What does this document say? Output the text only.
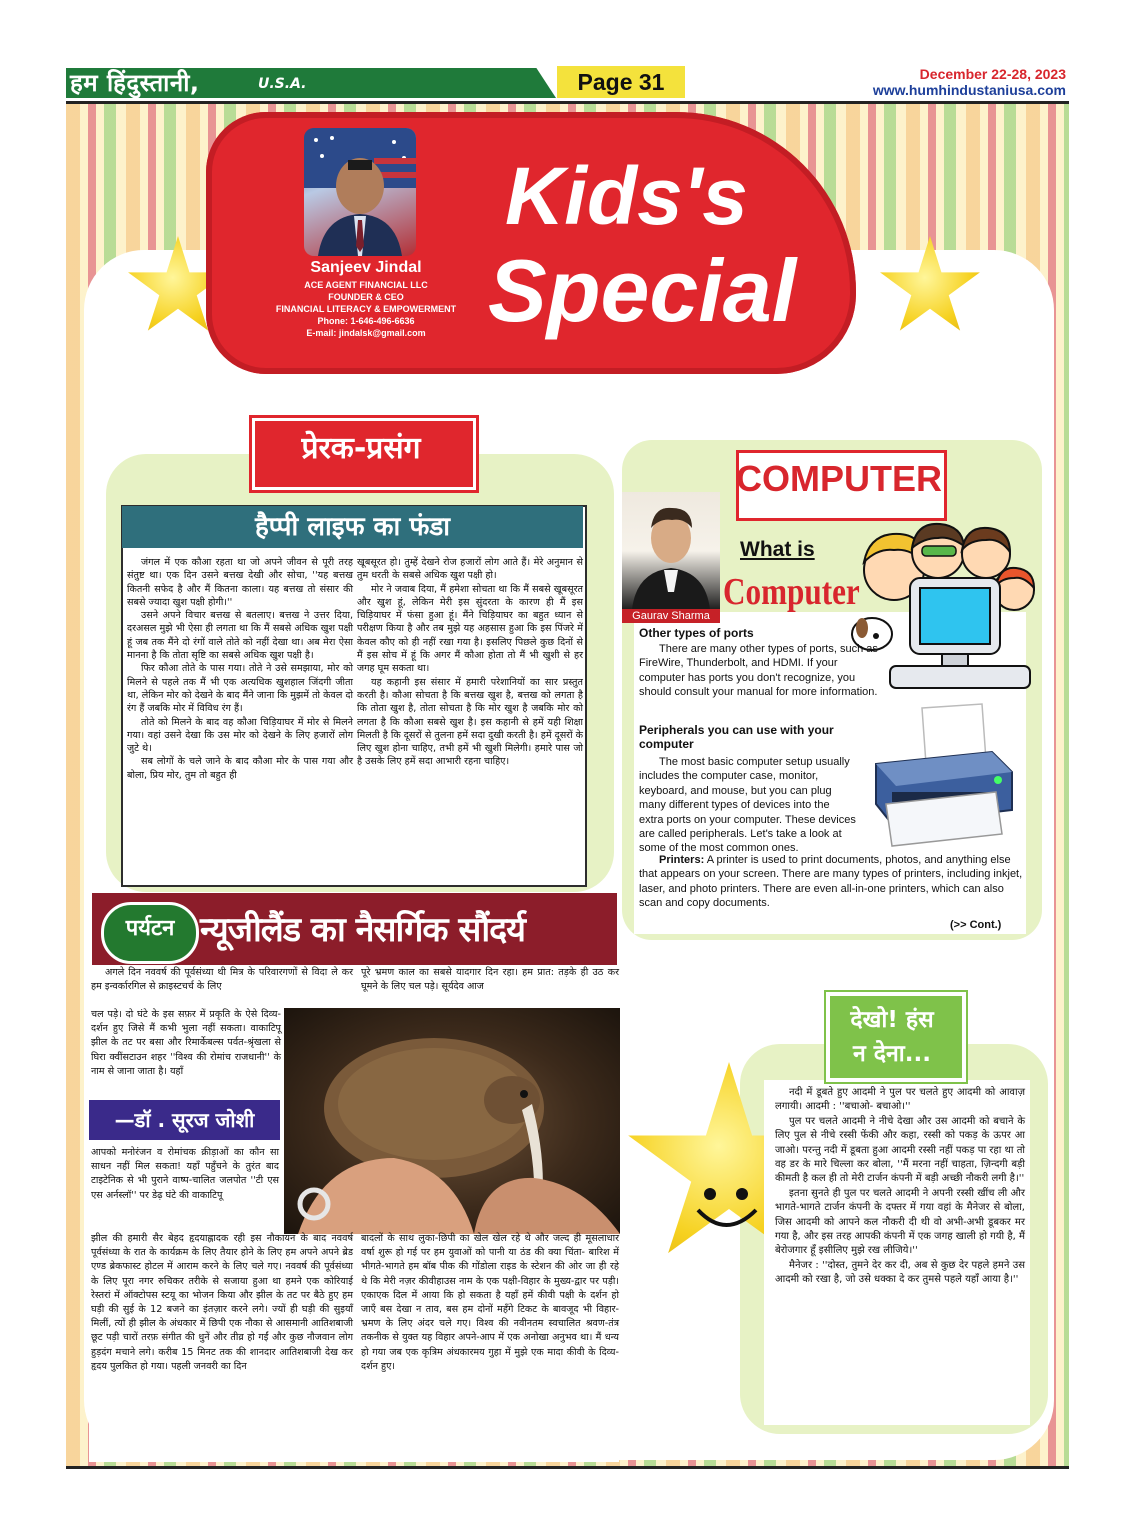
हम हिंदुस्तानी,	U.S.A.	Page 31	December 22-28, 2023
www.humhindustaniusa.com
Sanjeev Jindal
ACE AGENT FINANCIAL LLC
FOUNDER & CEO
FINANCIAL LITERACY & EMPOWERMENT
Phone: 1-646-496-6636
E-mail: jindalsk@gmail.com
Kids's
Special
प्रेरक-प्रसंग
हैप्पी लाइफ का फंडा

जंगल में एक कौआ रहता था जो अपने जीवन से पूरी तरह संतुष्ट था। एक दिन उसने बत्तख देखी और सोचा, ''यह बत्तख कितनी सफेद है और मैं कितना काला। यह बत्तख तो संसार की सबसे ज्यादा खुश पक्षी होगी।''

उसने अपने विचार बत्तख से बतलाए। बत्तख ने उत्तर दिया, दरअसल मुझे भी ऐसा ही लगता था कि मैं सबसे अधिक खुश पक्षी हूं जब तक मैंने दो रंगों वाले तोते को नहीं देखा था। अब मेरा ऐसा मानना है कि तोता सृष्टि का सबसे अधिक खुश पक्षी है।

फिर कौआ तोते के पास गया। तोते ने उसे समझाया, मोर को मिलने से पहले तक मैं भी एक अत्यधिक खुशहाल जिंदगी जीता था, लेकिन मोर को देखने के बाद मैंने जाना कि मुझमें तो केवल दो रंग हैं जबकि मोर में विविध रंग हैं।

तोते को मिलने के बाद वह कौआ चिड़ियाघर में मोर से मिलने गया। वहां उसने देखा कि उस मोर को देखने के लिए हजारों लोग जुटे थे।

सब लोगों के चले जाने के बाद कौआ मोर के पास गया और बोला, प्रिय मोर, तुम तो बहुत ही

खूबसूरत हो। तुम्हें देखने रोज हजारों लोग आते हैं। मेरे अनुमान से तुम धरती के सबसे अधिक खुश पक्षी हो।

मोर ने जवाब दिया, मैं हमेशा सोचता था कि मैं सबसे खूबसूरत और खुश हूं, लेकिन मेरी इस सुंदरता के कारण ही मैं इस चिड़ियाघर में फंसा हुआ हूं। मैंने चिड़ियाघर का बहुत ध्यान से परीक्षण किया है और तब मुझे यह अहसास हुआ कि इस पिंजरे में केवल कौए को ही नहीं रखा गया है। इसलिए पिछले कुछ दिनों से मैं इस सोच में हूं कि अगर मैं कौआ होता तो मैं भी खुशी से हर जगह घूम सकता था।

यह कहानी इस संसार में हमारी परेशानियों का सार प्रस्तुत करती है। कौआ सोचता है कि बत्तख खुश है, बत्तख को लगता है कि तोता खुश है, तोता सोचता है कि मोर खुश है जबकि मोर को लगता है कि कौआ सबसे खुश है। इस कहानी से हमें यही शिक्षा मिलती है कि दूसरों से तुलना हमें सदा दुखी करती है। हमें दूसरों के लिए खुश होना चाहिए, तभी हमें भी खुशी मिलेगी। हमारे पास जो है उसके लिए हमें सदा आभारी रहना चाहिए।

COMPUTER
Gaurav Sharma
What is
Computer
Other types of ports
There are many other types of ports, such as FireWire, Thunderbolt, and HDMI. If your computer has ports you don't recognize, you should consult your manual for more information.
Peripherals you can use with your computer
The most basic computer setup usually includes the computer case, monitor, keyboard, and mouse, but you can plug many different types of devices into the extra ports on your computer. These devices are called peripherals. Let's take a look at some of the most common ones.
Printers: A printer is used to print documents, photos, and anything else that appears on your screen. There are many types of printers, including inkjet, laser, and photo printers. There are even all-in-one printers, which can also scan and copy documents.
(>> Cont.)
पर्यटन न्यूजीलैंड का नैसर्गिक सौंदर्य
अगले दिन नववर्ष की पूर्वसंध्या थी मित्र के परिवारगणों से विदा ले कर हम इन्वर्कारगिल से क्राइस्टचर्च के लिए
पूरे भ्रमण काल का सबसे यादगार दिन रहा। हम प्रात: तड़के ही उठ कर घूमने के लिए चल पड़े। सूर्यदेव आज
चल पड़े। दो घंटे के इस सफ़र में प्रकृति के ऐसे दिव्य-दर्शन हुए जिसे मैं कभी भुला नहीं सकता। वाकाटिपू झील के तट पर बसा और रिमार्केबल्स पर्वत-श्रृंखला से घिरा क्वींसटाउन शहर ''विश्व की रोमांच राजधानी'' के नाम से जाना जाता है। यहाँ
—डॉ . सूरज जोशी
आपको मनोरंजन व रोमांचक क्रीड़ाओं का कौन सा साधन नहीं मिल सकता! यहाँ पहुँचने के तुरंत बाद टाइटेनिक से भी पुराने वाष्प-चालित जलपोत ''टी एस एस अर्नस्लॉ'' पर डेढ़ घंटे की वाकाटिपू
झील की हमारी सैर बेहद हृदयाह्लादक रही इस नौकायन के बाद नववर्ष पूर्वसंध्या के रात के कार्यक्रम के लिए तैयार होने के लिए हम अपने अपने ब्रेड एण्ड ब्रेकफास्ट होटल में आराम करने के लिए चले गए। नववर्ष की पूर्वसंध्या के लिए पूरा नगर रुचिकर तरीके से सजाया हुआ था हमने एक कोरियाई रेस्तरां में ऑक्टोपस स्टयू का भोजन किया और झील के तट पर बैठे हुए हम घड़ी की सुई के 12 बजने का इंतज़ार करने लगे। ज्यों ही घड़ी की सुइयाँ मिलीं, त्यों ही झील के अंधकार में छिपी एक नौका से आसमानी आतिशबाजी छूट पड़ी चारों तरफ़ संगीत की धुनें और तीव्र हो गईं और कुछ नौजवान लोग हुड़दंग मचाने लगे। करीब 15 मिनट तक की शानदार आतिशबाजी देख कर हृदय पुलकित हो गया। पहली जनवरी का दिन
बादलों के साथ लुका-छिपी का खेल खेल रहे थे और जल्द ही मूसलाधार वर्षा शुरू हो गई पर हम युवाओं को पानी या ठंड की क्या चिंता- बारिश में भीगते-भागते हम बॉब पीक की गोंडोला राइड के स्टेशन की ओर जा ही रहे थे कि मेरी नज़र कीवीहाउस नाम के एक पक्षी-विहार के मुख्य-द्वार पर पड़ी। एकाएक दिल में आया कि हो सकता है यहाँ हमें कीवी पक्षी के दर्शन हो जाएँ बस देखा न ताव, बस हम दोनों महँगे टिकट के बावजूद भी विहार-भ्रमण के लिए अंदर चले गए। विश्व की नवीनतम स्वचालित श्रवण-तंत्र तकनीक से युक्त यह विहार अपने-आप में एक अनोखा अनुभव था। मैं धन्य हो गया जब एक कृत्रिम अंधकारमय गुहा में मुझे एक मादा कीवी के दिव्य-दर्शन हुए।
देखो! हंस
न देना...

नदी में डूबते हुए आदमी ने पुल पर चलते हुए आदमी को आवाज़ लगायी। आदमी : ''बचाओ- बचाओ।''

पुल पर चलते आदमी ने नीचे देखा और उस आदमी को बचाने के लिए पुल से नीचे रस्सी फेंकी और कहा, रस्सी को पकड़ के ऊपर आ जाओ। परन्तु नदी में डूबता हुआ आदमी रस्सी नहीं पकड़ पा रहा था तो वह डर के मारे चिल्ला कर बोला, ''मैं मरना नहीं चाहता, ज़िन्दगी बड़ी कीमती है कल ही तो मेरी टार्जन कंपनी में बड़ी अच्छी नौकरी लगी है।''

इतना सुनते ही पुल पर चलते आदमी ने अपनी रस्सी खींच ली और भागते-भागते टार्जन कंपनी के दफ्तर में गया वहां के मैनेजर से बोला, जिस आदमी को आपने कल नौकरी दी थी वो अभी-अभी डूबकर मर गया है, और इस तरह आपकी कंपनी में एक जगह खाली हो गयी है, मैं बेरोजगार हूँ इसीलिए मुझे रख लीजिये।''

मैनेजर : ''दोस्त, तुमने देर कर दी, अब से कुछ देर पहले हमने उस आदमी को रखा है, जो उसे धक्का दे कर तुमसे पहले यहाँ आया है।''
